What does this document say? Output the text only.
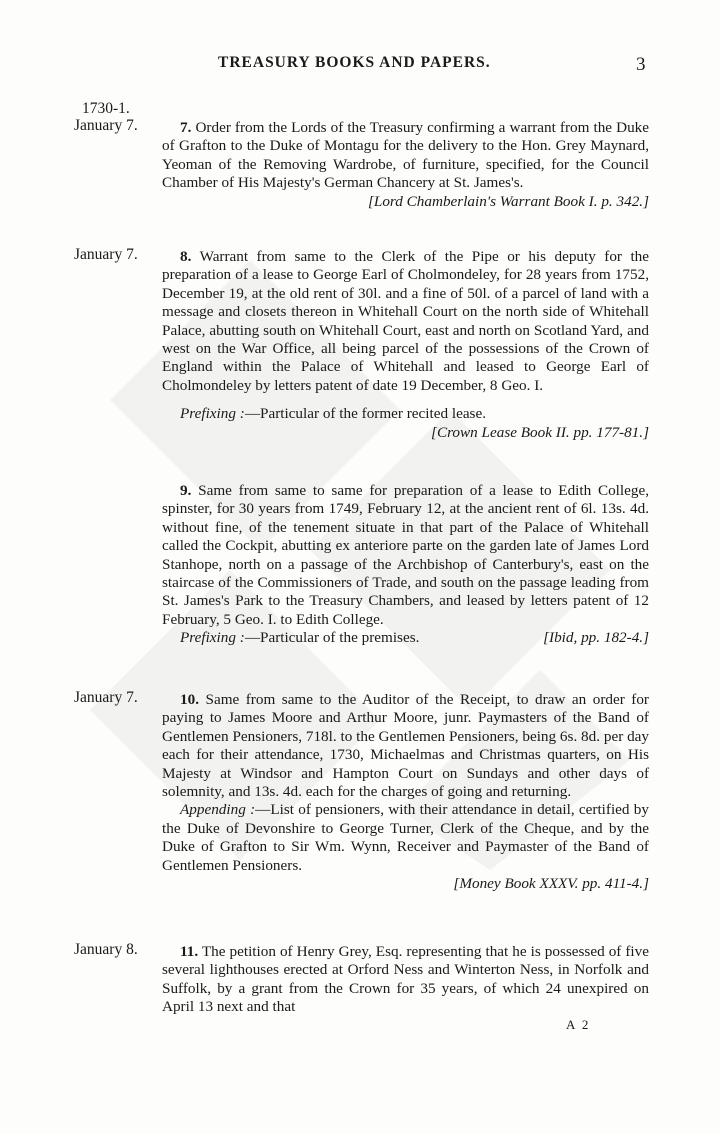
TREASURY BOOKS AND PAPERS.	3
1730-1.
January 7.	7. Order from the Lords of the Treasury confirming a warrant from the Duke of Grafton to the Duke of Montagu for the delivery to the Hon. Grey Maynard, Yeoman of the Removing Wardrobe, of furniture, specified, for the Council Chamber of His Majesty's German Chancery at St. James's.

[Lord Chamberlain's Warrant Book I. p. 342.]

January 7.	8. Warrant from same to the Clerk of the Pipe or his deputy for the preparation of a lease to George Earl of Cholmondeley, for 28 years from 1752, December 19, at the old rent of 30l. and a fine of 50l. of a parcel of land with a message and closets thereon in Whitehall Court on the north side of Whitehall Palace, abutting south on Whitehall Court, east and north on Scotland Yard, and west on the War Office, all being parcel of the possessions of the Crown of England within the Palace of Whitehall and leased to George Earl of Cholmondeley by letters patent of date 19 December, 8 Geo. I.

Prefixing :—Particular of the former recited lease.

[Crown Lease Book II. pp. 177-81.]

9. Same from same to same for preparation of a lease to Edith College, spinster, for 30 years from 1749, February 12, at the ancient rent of 6l. 13s. 4d. without fine, of the tenement situate in that part of the Palace of Whitehall called the Cockpit, abutting ex anteriore parte on the garden late of James Lord Stanhope, north on a passage of the Archbishop of Canterbury's, east on the staircase of the Commissioners of Trade, and south on the passage leading from St. James's Park to the Treasury Chambers, and leased by letters patent of 12 February, 5 Geo. I. to Edith College.

Prefixing :—Particular of the premises.	[Ibid, pp. 182-4.]

January 7.	10. Same from same to the Auditor of the Receipt, to draw an order for paying to James Moore and Arthur Moore, junr. Paymasters of the Band of Gentlemen Pensioners, 718l. to the Gentlemen Pensioners, being 6s. 8d. per day each for their attendance, 1730, Michaelmas and Christmas quarters, on His Majesty at Windsor and Hampton Court on Sundays and other days of solemnity, and 13s. 4d. each for the charges of going and returning.

Appending :—List of pensioners, with their attendance in detail, certified by the Duke of Devonshire to George Turner, Clerk of the Cheque, and by the Duke of Grafton to Sir Wm. Wynn, Receiver and Paymaster of the Band of Gentlemen Pensioners.

[Money Book XXXV. pp. 411-4.]

January 8.	11. The petition of Henry Grey, Esq. representing that he is possessed of five several lighthouses erected at Orford Ness and Winterton Ness, in Norfolk and Suffolk, by a grant from the Crown for 35 years, of which 24 unexpired on April 13 next and that

A 2
